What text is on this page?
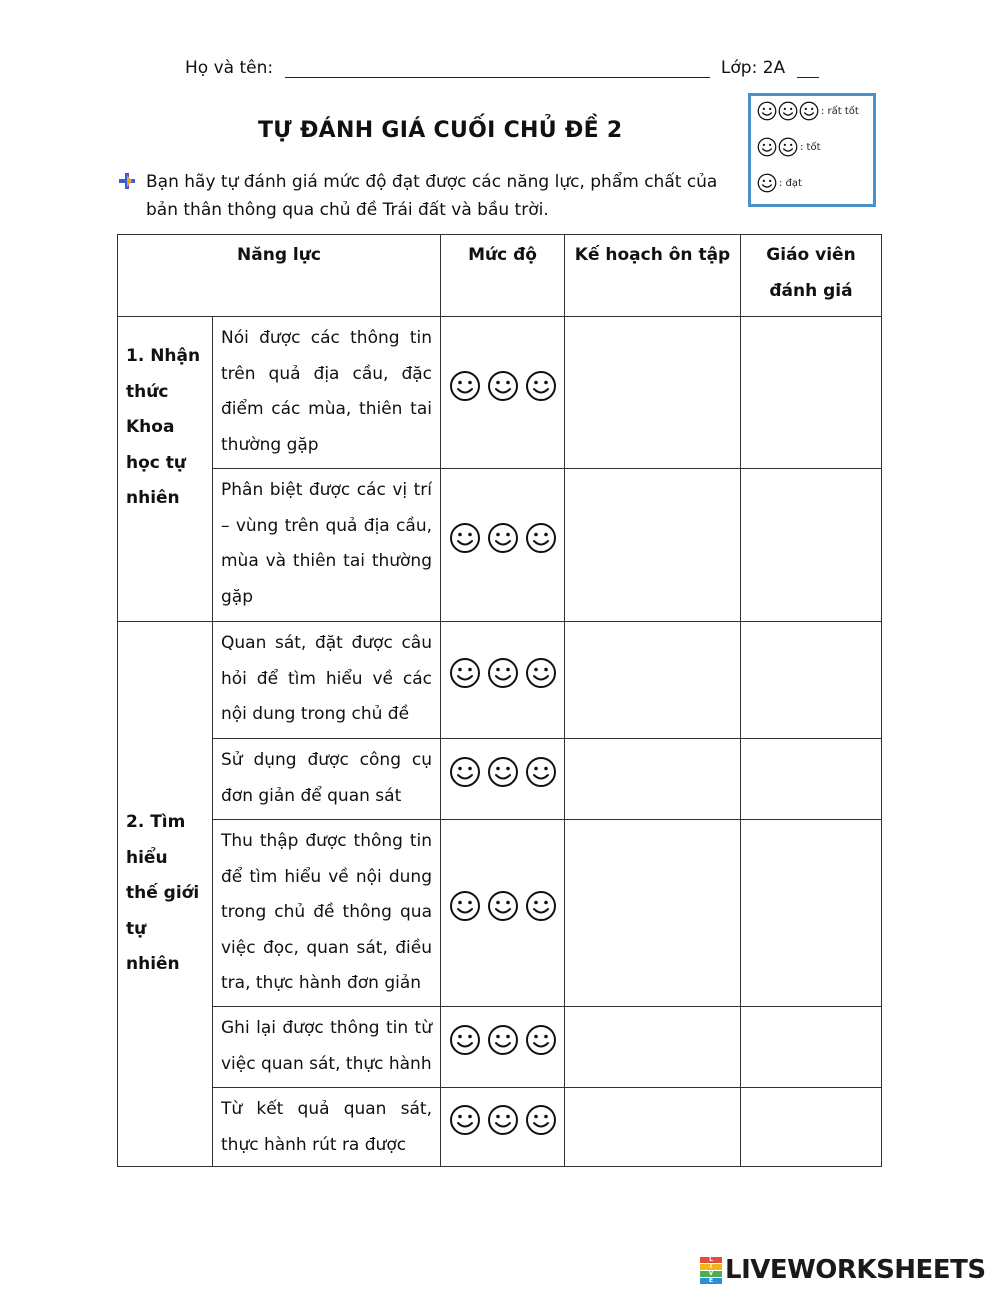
Họ và tên:	Lớp: 2A
TỰ ĐÁNH GIÁ CUỐI CHỦ ĐỀ 2
: rất tốt
: tốt
: đạt
Bạn hãy tự đánh giá mức độ đạt được các năng lực, phẩm chất của bản thân thông qua chủ đề Trái đất và bầu trời.
Năng lực		Mức độ	Kế hoạch ôn tập	Giáo viên đánh giá

1. Nhận thức Khoa học tự nhiên	Nói được các thông tin trên quả địa cầu, đặc điểm các mùa, thiên tai thường gặp	

	Phân biệt được các vị trí – vùng trên quả địa cầu, mùa và thiên tai thường gặp	

2. Tìm hiểu thế giới tự nhiên	Quan sát, đặt được câu hỏi để tìm hiểu về các nội dung trong chủ đề	

	Sử dụng được công cụ đơn giản để quan sát	

	Thu thập được thông tin để tìm hiểu về nội dung trong chủ đề thông qua việc đọc, quan sát, điều tra, thực hành đơn giản	

	Ghi lại được thông tin từ việc quan sát, thực hành	

	Từ kết quả quan sát, thực hành rút ra được

L
I
V
E LIVEWORKSHEETS
